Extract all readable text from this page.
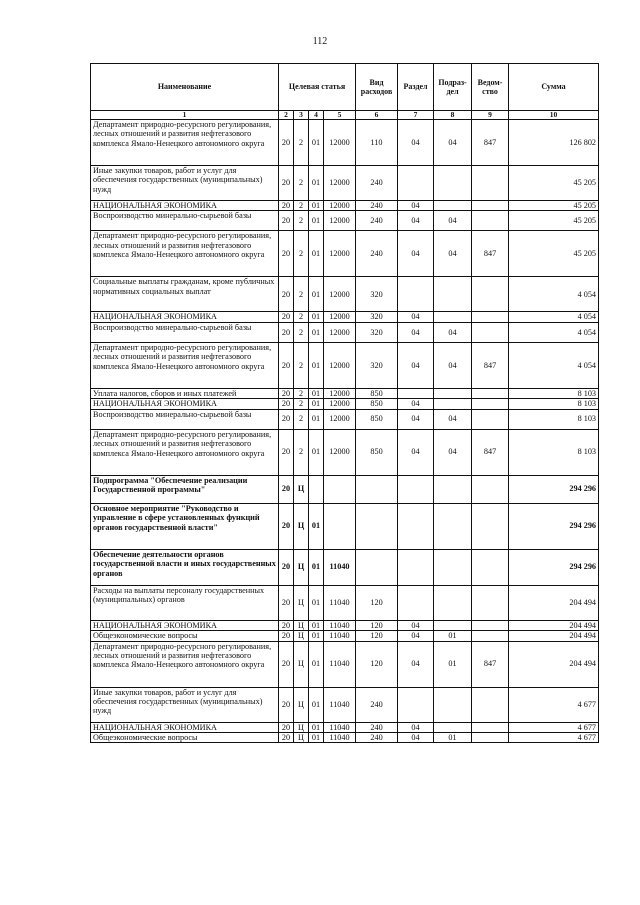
112
Наименование	Целевая статья				Вид расходов	Раздел	Подраз-дел	Ведом-ство	Сумма
1	2	3	4	5	6	7	8	9	10
Департамент природно-ресурсного регулирования, лесных отношений и развития нефтегазового комплекса Ямало-Ненецкого автономного округа	20	2	01	12000	110	04	04	847	126 802
Иные закупки товаров, работ и услуг для обеспечения государственных (муниципальных) нужд	20	2	01	12000	240				45 205
НАЦИОНАЛЬНАЯ ЭКОНОМИКА	20	2	01	12000	240	04			45 205
Воспроизводство минерально-сырьевой базы	20	2	01	12000	240	04	04		45 205
Департамент природно-ресурсного регулирования, лесных отношений и развития нефтегазового комплекса Ямало-Ненецкого автономного округа	20	2	01	12000	240	04	04	847	45 205
Социальные выплаты гражданам, кроме публичных нормативных социальных выплат	20	2	01	12000	320				4 054
НАЦИОНАЛЬНАЯ ЭКОНОМИКА	20	2	01	12000	320	04			4 054
Воспроизводство минерально-сырьевой базы	20	2	01	12000	320	04	04		4 054
Департамент природно-ресурсного регулирования, лесных отношений и развития нефтегазового комплекса Ямало-Ненецкого автономного округа	20	2	01	12000	320	04	04	847	4 054
Уплата налогов, сборов и иных платежей	20	2	01	12000	850				8 103
НАЦИОНАЛЬНАЯ ЭКОНОМИКА	20	2	01	12000	850	04			8 103
Воспроизводство минерально-сырьевой базы	20	2	01	12000	850	04	04		8 103
Департамент природно-ресурсного регулирования, лесных отношений и развития нефтегазового комплекса Ямало-Ненецкого автономного округа	20	2	01	12000	850	04	04	847	8 103
Подпрограмма "Обеспечение реализации Государственной программы"	20	Ц							294 296
Основное мероприятие "Руководство и управление в сфере установленных функций органов государственной власти"	20	Ц	01						294 296
Обеспечение деятельности органов государственной власти и иных государственных органов	20	Ц	01	11040					294 296
Расходы на выплаты персоналу государственных (муниципальных) органов	20	Ц	01	11040	120				204 494
НАЦИОНАЛЬНАЯ ЭКОНОМИКА	20	Ц	01	11040	120	04			204 494
Общеэкономические вопросы	20	Ц	01	11040	120	04	01		204 494
Департамент природно-ресурсного регулирования, лесных отношений и развития нефтегазового комплекса Ямало-Ненецкого автономного округа	20	Ц	01	11040	120	04	01	847	204 494
Иные закупки товаров, работ и услуг для обеспечения государственных (муниципальных) нужд	20	Ц	01	11040	240				4 677
НАЦИОНАЛЬНАЯ ЭКОНОМИКА	20	Ц	01	11040	240	04			4 677
Общеэкономические вопросы	20	Ц	01	11040	240	04	01		4 677
